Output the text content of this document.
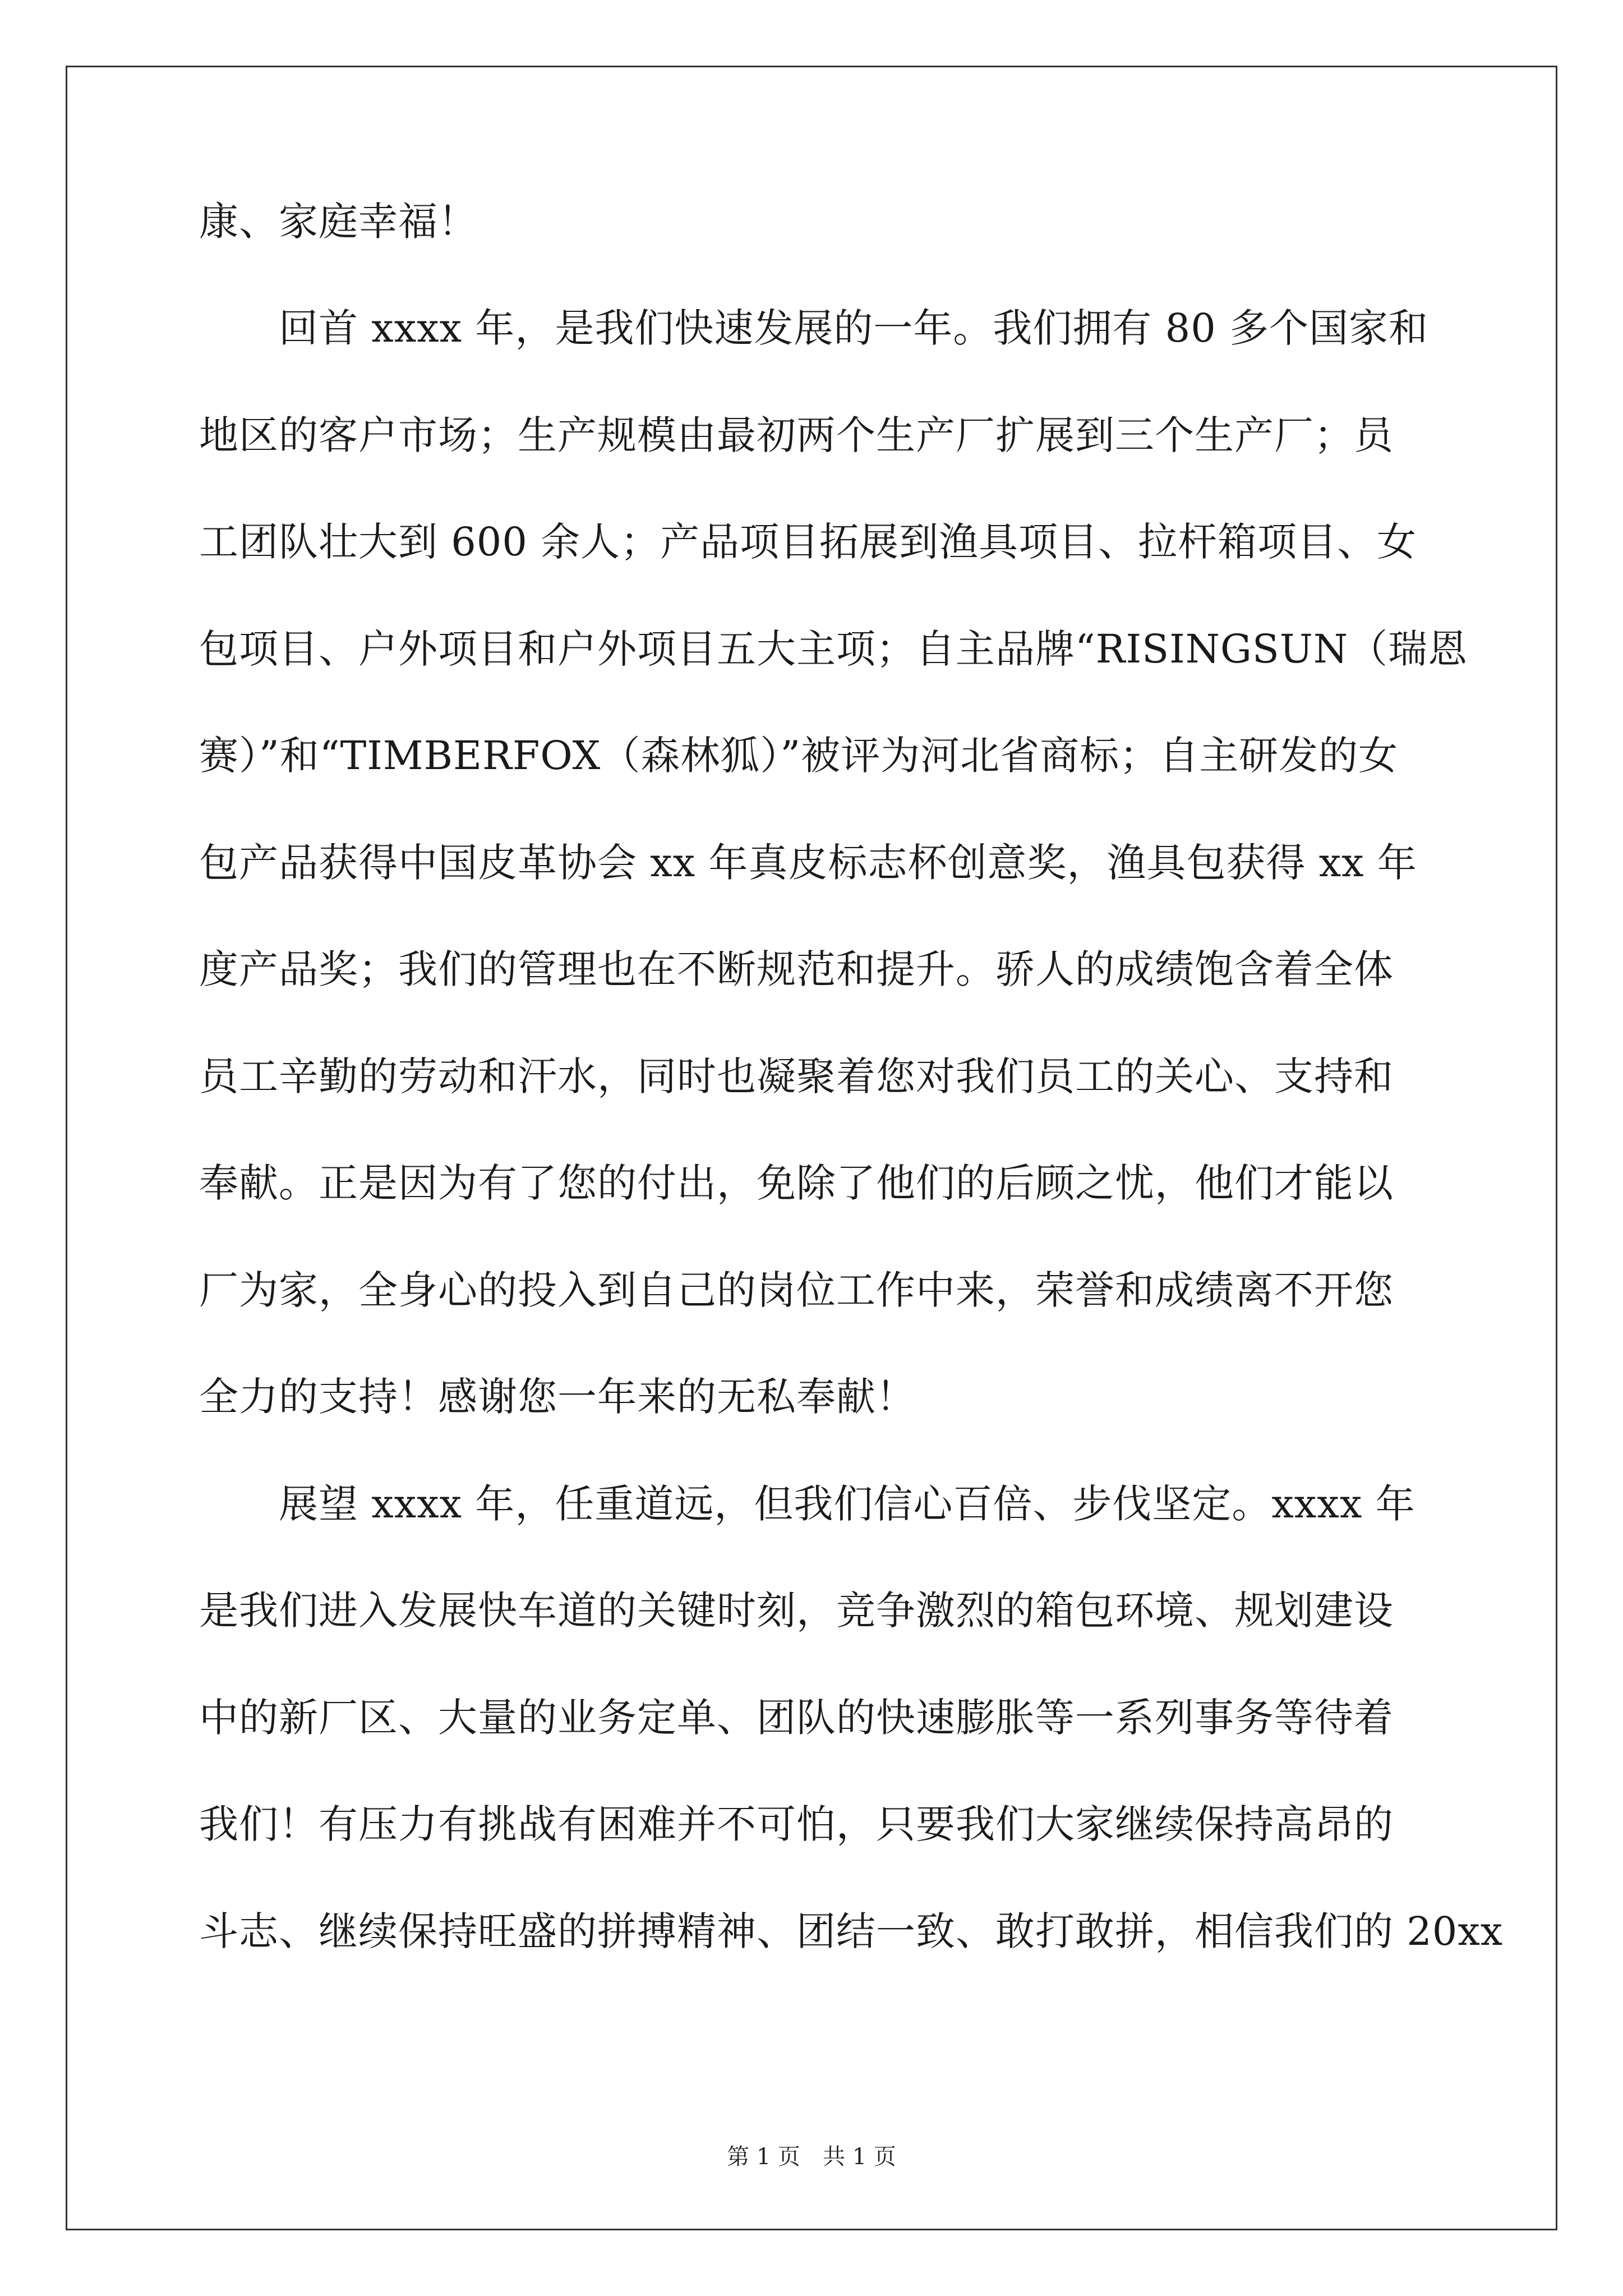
康、家庭幸福！
　　回首 xxxx 年，是我们快速发展的一年。我们拥有 80 多个国家和
地区的客户市场；生产规模由最初两个生产厂扩展到三个生产厂；员
工团队壮大到 600 余人；产品项目拓展到渔具项目、拉杆箱项目、女
包项目、户外项目和户外项目五大主项；自主品牌“RISINGSUN（瑞恩
赛）”和“TIMBERFOX（森林狐）”被评为河北省商标；自主研发的女
包产品获得中国皮革协会 xx 年真皮标志杯创意奖，渔具包获得 xx 年
度产品奖；我们的管理也在不断规范和提升。骄人的成绩饱含着全体
员工辛勤的劳动和汗水，同时也凝聚着您对我们员工的关心、支持和
奉献。正是因为有了您的付出，免除了他们的后顾之忧，他们才能以
厂为家，全身心的投入到自己的岗位工作中来，荣誉和成绩离不开您
全力的支持！感谢您一年来的无私奉献！
　　展望 xxxx 年，任重道远，但我们信心百倍、步伐坚定。xxxx 年
是我们进入发展快车道的关键时刻，竞争激烈的箱包环境、规划建设
中的新厂区、大量的业务定单、团队的快速膨胀等一系列事务等待着
我们！有压力有挑战有困难并不可怕，只要我们大家继续保持高昂的
斗志、继续保持旺盛的拼搏精神、团结一致、敢打敢拼，相信我们的 20xx
第 1 页　共 1 页
